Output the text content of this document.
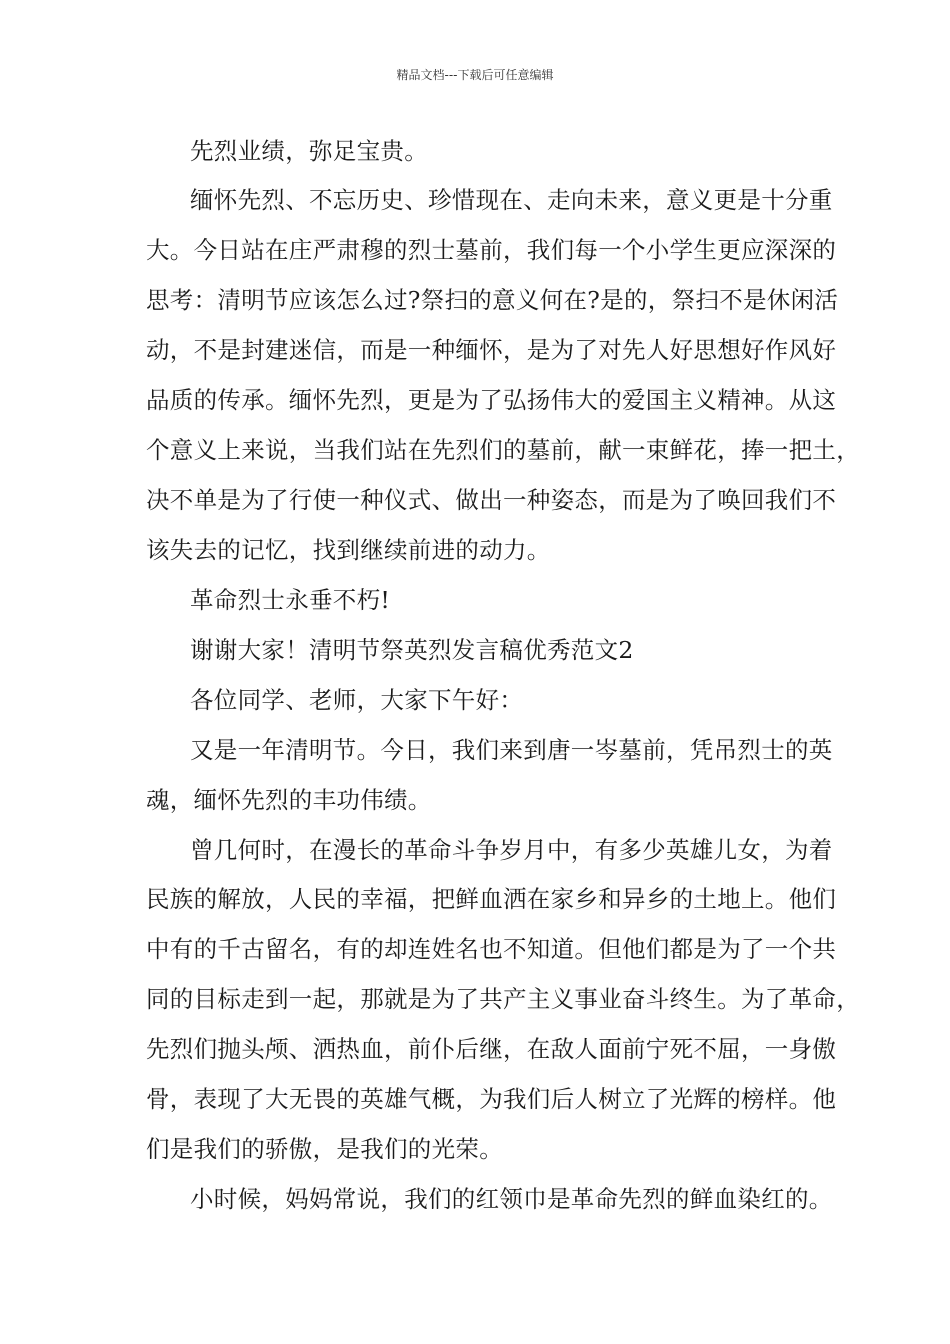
精品文档---下载后可任意编辑
先烈业绩，弥足宝贵。
缅怀先烈、不忘历史、珍惜现在、走向未来，意义更是十分重
大。今日站在庄严肃穆的烈士墓前，我们每一个小学生更应深深的
思考：清明节应该怎么过?祭扫的意义何在?是的，祭扫不是休闲活
动，不是封建迷信，而是一种缅怀，是为了对先人好思想好作风好
品质的传承。缅怀先烈，更是为了弘扬伟大的爱国主义精神。从这
个意义上来说，当我们站在先烈们的墓前，献一束鲜花，捧一把土，
决不单是为了行使一种仪式、做出一种姿态，而是为了唤回我们不
该失去的记忆，找到继续前进的动力。
革命烈士永垂不朽!
谢谢大家！清明节祭英烈发言稿优秀范文2
各位同学、老师，大家下午好：
又是一年清明节。今日，我们来到唐一岑墓前，凭吊烈士的英
魂，缅怀先烈的丰功伟绩。
曾几何时，在漫长的革命斗争岁月中，有多少英雄儿女，为着
民族的解放，人民的幸福，把鲜血洒在家乡和异乡的土地上。他们
中有的千古留名，有的却连姓名也不知道。但他们都是为了一个共
同的目标走到一起，那就是为了共产主义事业奋斗终生。为了革命，
先烈们抛头颅、洒热血，前仆后继，在敌人面前宁死不屈，一身傲
骨，表现了大无畏的英雄气概，为我们后人树立了光辉的榜样。他
们是我们的骄傲，是我们的光荣。
小时候，妈妈常说，我们的红领巾是革命先烈的鲜血染红的。
